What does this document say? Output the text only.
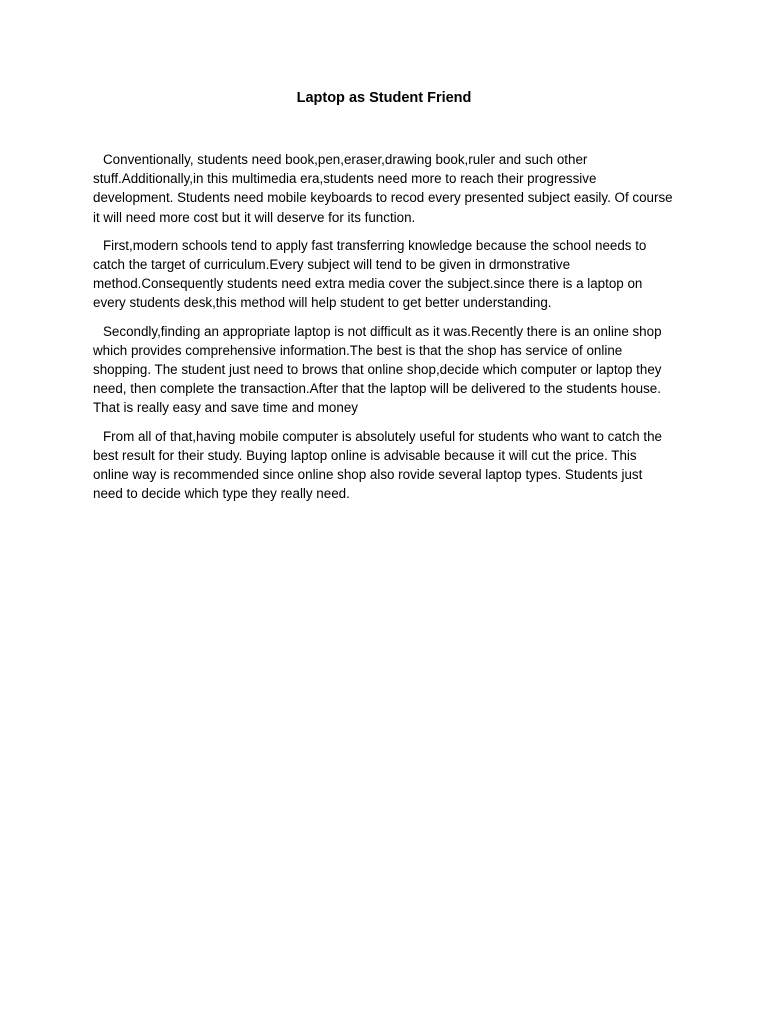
Laptop as Student Friend

Conventionally, students need book,pen,eraser,drawing book,ruler and such other stuff.Additionally,in this multimedia era,students need more to reach their progressive development. Students need mobile keyboards to recod every presented subject easily. Of course it will need more cost but it will deserve for its function.

First,modern schools tend to apply fast transferring knowledge because the school needs to catch the target of curriculum.Every subject will tend to be given in drmonstrative method.Consequently students need extra media cover the subject.since there is a laptop on every students desk,this method will help student to get better understanding.

Secondly,finding an appropriate laptop is not difficult as it was.Recently there is an online shop which provides comprehensive information.The best is that the shop has service of online shopping. The student just need to brows that online shop,decide which computer or laptop they need, then complete the transaction.After that the laptop will be delivered to the students house. That is really easy and save time and money

From all of that,having mobile computer is absolutely useful for students who want to catch the best result for their study. Buying laptop online is advisable because it will cut the price. This online way is recommended since online shop also rovide several laptop types. Students just need to decide which type they really need.
